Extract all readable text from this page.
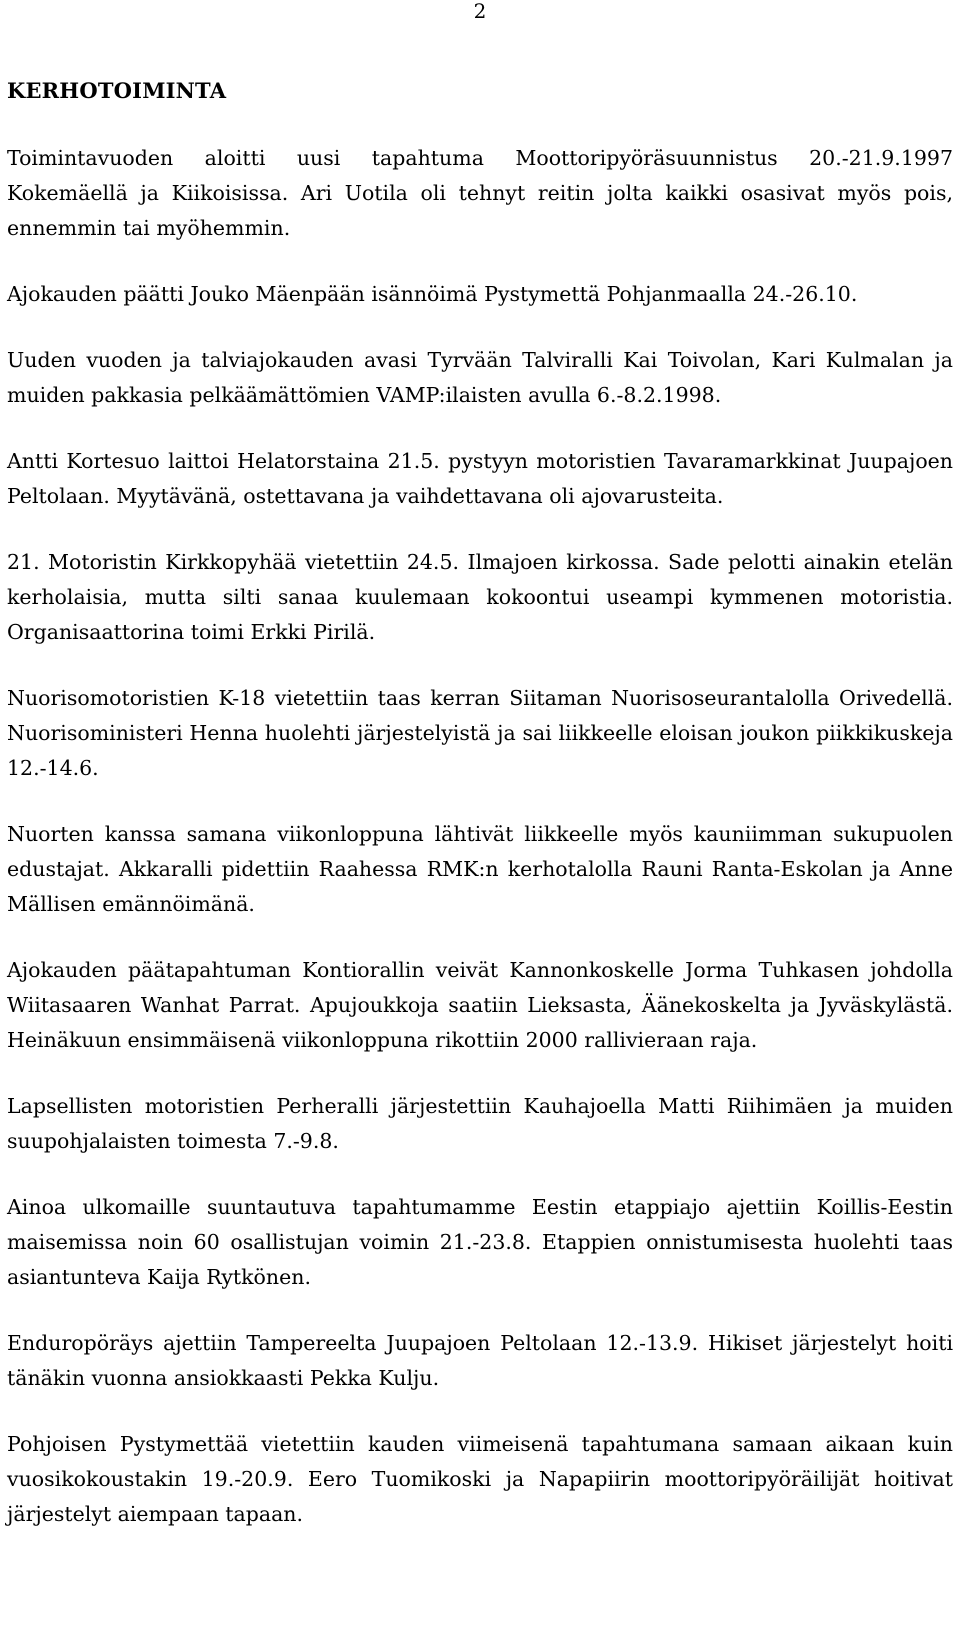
2
KERHOTOIMINTA

Toimintavuoden aloitti uusi tapahtuma Moottoripyöräsuunnistus 20.-21.9.1997 Kokemäellä ja Kiikoisissa. Ari Uotila oli tehnyt reitin jolta kaikki osasivat myös pois, ennemmin tai myöhemmin.

Ajokauden päätti Jouko Mäenpään isännöimä Pystymettä Pohjanmaalla 24.-26.10.

Uuden vuoden ja talviajokauden avasi Tyrvään Talviralli Kai Toivolan, Kari Kulmalan ja muiden pakkasia pelkäämättömien VAMP:ilaisten avulla 6.-8.2.1998.

Antti Kortesuo laittoi Helatorstaina 21.5. pystyyn motoristien Tavaramarkkinat Juupajoen Peltolaan. Myytävänä, ostettavana ja vaihdettavana oli ajovarusteita.

21. Motoristin Kirkkopyhää vietettiin 24.5. Ilmajoen kirkossa. Sade pelotti ainakin etelän kerholaisia, mutta silti sanaa kuulemaan kokoontui useampi kymmenen motoristia. Organisaattorina toimi Erkki Pirilä.

Nuorisomotoristien K-18 vietettiin taas kerran Siitaman Nuorisoseurantalolla Orivedellä. Nuorisoministeri Henna huolehti järjestelyistä ja sai liikkeelle eloisan joukon piikkikuskeja 12.-14.6.

Nuorten kanssa samana viikonloppuna lähtivät liikkeelle myös kauniimman sukupuolen edustajat. Akkaralli pidettiin Raahessa RMK:n kerhotalolla Rauni Ranta-Eskolan ja Anne Mällisen emännöimänä.

Ajokauden päätapahtuman Kontiorallin veivät Kannonkoskelle Jorma Tuhkasen johdolla Wiitasaaren Wanhat Parrat. Apujoukkoja saatiin Lieksasta, Äänekoskelta ja Jyväskylästä. Heinäkuun ensimmäisenä viikonloppuna rikottiin 2000 rallivieraan raja.

Lapsellisten motoristien Perheralli järjestettiin Kauhajoella Matti Riihimäen ja muiden suupohjalaisten toimesta 7.-9.8.

Ainoa ulkomaille suuntautuva tapahtumamme Eestin etappiajo ajettiin Koillis-Eestin maisemissa noin 60 osallistujan voimin 21.-23.8. Etappien onnistumisesta huolehti taas asiantunteva Kaija Rytkönen.

Enduropöräys ajettiin Tampereelta Juupajoen Peltolaan 12.-13.9. Hikiset järjestelyt hoiti tänäkin vuonna ansiokkaasti Pekka Kulju.

Pohjoisen Pystymettää vietettiin kauden viimeisenä tapahtumana samaan aikaan kuin vuosikokoustakin 19.-20.9. Eero Tuomikoski ja Napapiirin moottoripyöräilijät hoitivat järjestelyt aiempaan tapaan.
